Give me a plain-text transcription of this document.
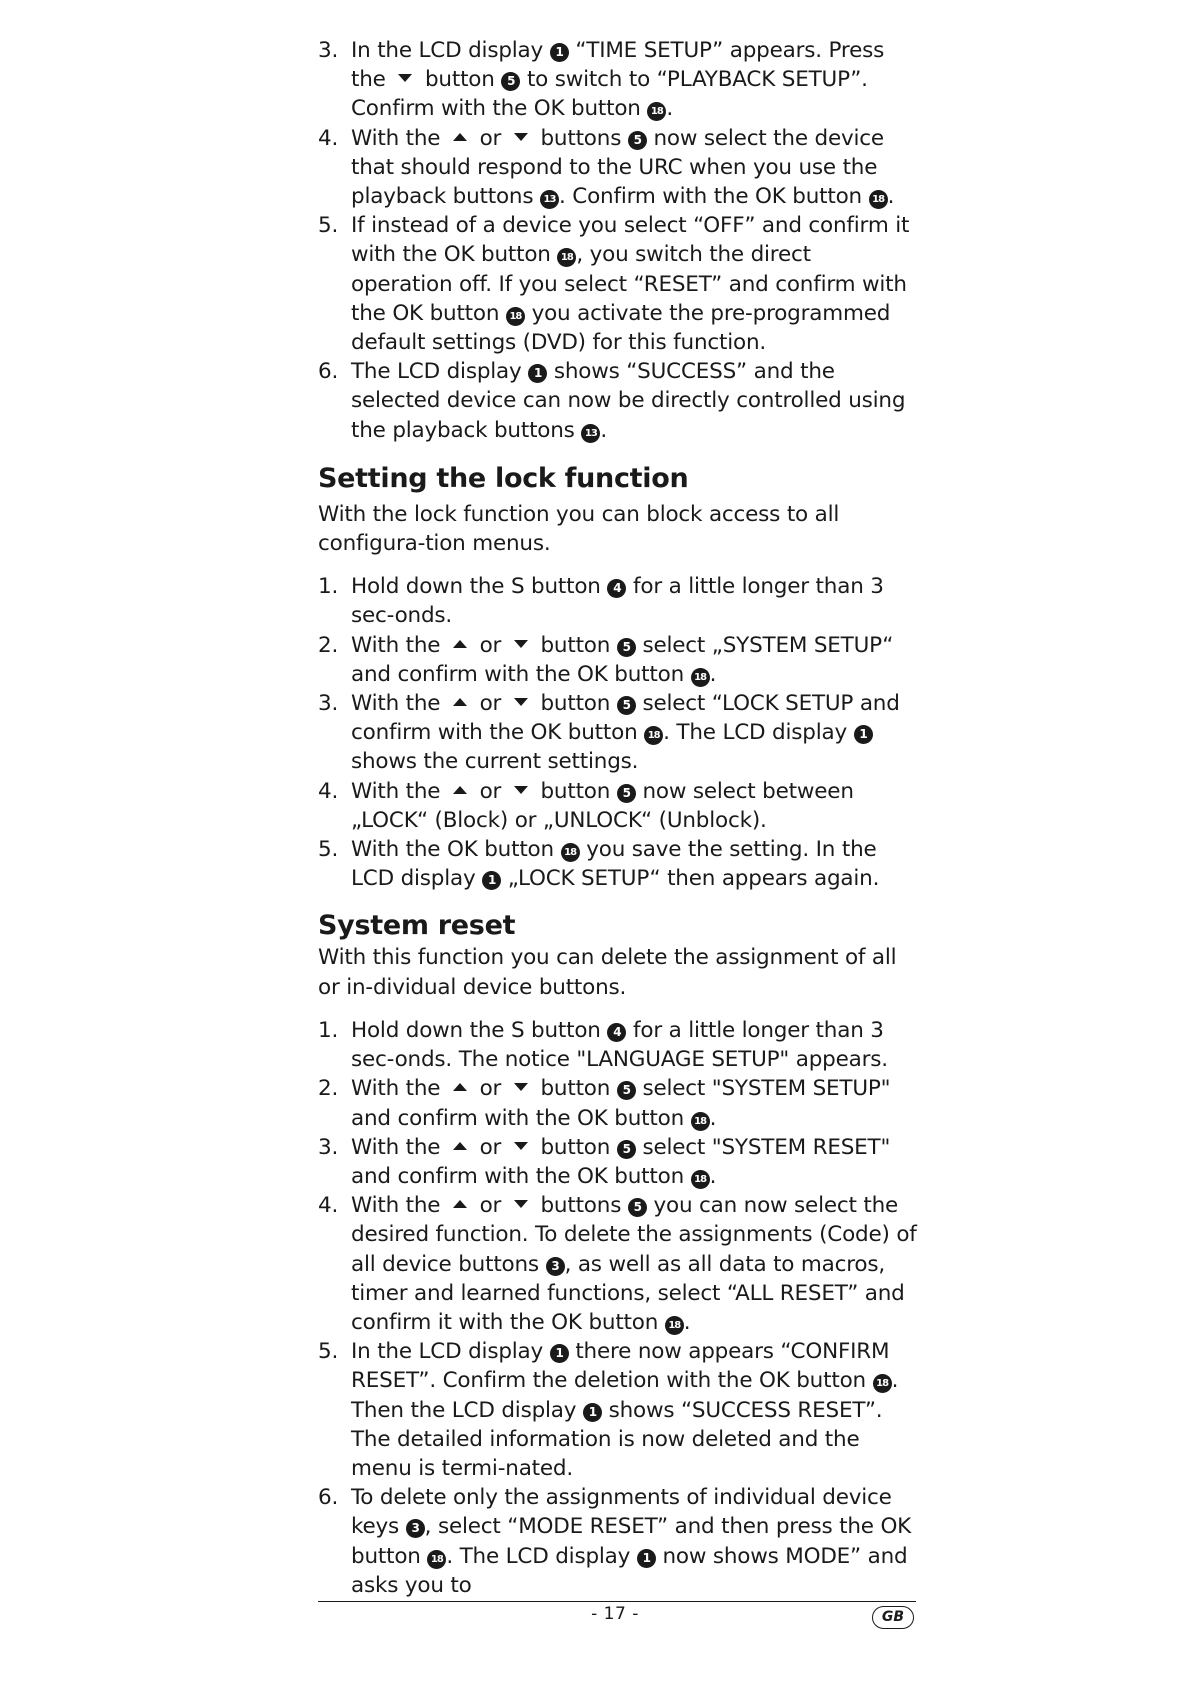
3. In the LCD display 1 “TIME SETUP” appears. Press the  button 5 to switch to “PLAYBACK SETUP”. Confirm with the OK button 18 .
4. With the  or  buttons 5 now select the device that should respond to the URC when you use the playback buttons 13 . Confirm with the OK button 18 .
5. If instead of a device you select “OFF” and confirm it with the OK button 18 , you switch the direct operation off. If you select “RESET” and confirm with the OK button 18 you activate the pre-programmed default settings (DVD) for this function.
6. The LCD display 1 shows “SUCCESS” and the selected device can now be directly controlled using the playback buttons 13 .
Setting the lock function

With the lock function you can block access to all configura-tion menus.

1. Hold down the S button 4 for a little longer than 3 sec-onds.
2. With the  or  button 5 select „SYSTEM SETUP“ and confirm with the OK button 18 .
3. With the  or  button 5 select “LOCK SETUP and confirm with the OK button 18 . The LCD display 1 shows the current settings.
4. With the  or  button 5 now select between „LOCK“ (Block) or „UNLOCK“ (Unblock).
5. With the OK button 18 you save the setting. In the LCD display 1 „LOCK SETUP“ then appears again.
System reset

With this function you can delete the assignment of all or in-dividual device buttons.

1. Hold down the S button 4 for a little longer than 3 sec-onds. The notice "LANGUAGE SETUP" appears.
2. With the  or  button 5 select "SYSTEM SETUP" and confirm with the OK button 18 .
3. With the  or  button 5 select "SYSTEM RESET" and confirm with the OK button 18 .
4. With the  or  buttons 5 you can now select the desired function. To delete the assignments (Code) of all device buttons 3 , as well as all data to macros, timer and learned functions, select “ALL RESET” and confirm it with the OK button 18 .
5. In the LCD display 1 there now appears “CONFIRM RESET”. Confirm the deletion with the OK button 18 . Then the LCD display 1 shows “SUCCESS RESET”. The detailed information is now deleted and the menu is termi-nated.
6. To delete only the assignments of individual device keys 3 , select “MODE RESET” and then press the OK button 18 . The LCD display 1 now shows MODE” and asks you to
- 17 -	GB
